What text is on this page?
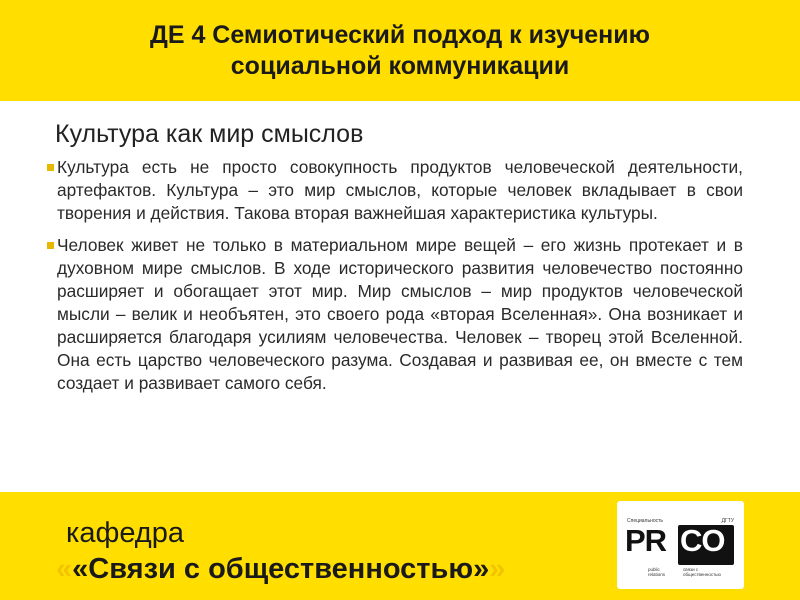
ДЕ 4 Семиотический подход к изучению
социальной коммуникации
Культура как мир смыслов

Культура есть не просто совокупность продуктов человеческой деятельности, артефактов. Культура – это мир смыслов, которые человек вкладывает в свои творения и действия. Такова вторая важнейшая характеристика культуры.

Человек живет не только в материальном мире вещей – его жизнь протекает и в духовном мире смыслов. В ходе исторического развития человечество постоянно расширяет и обогащает этот мир. Мир смыслов – мир продуктов человеческой мысли – велик и необъятен, это своего рода «вторая Вселенная». Она возникает и расширяется благодаря усилиям человечества. Человек – творец этой Вселенной. Она есть царство человеческого разума. Создавая и развивая ее, он вместе с тем создает и развивает самого себя.

кафедра
««Связи с общественностью»»
Специальность	ДГТУ
PR CO
public relations
связи с общественностью
